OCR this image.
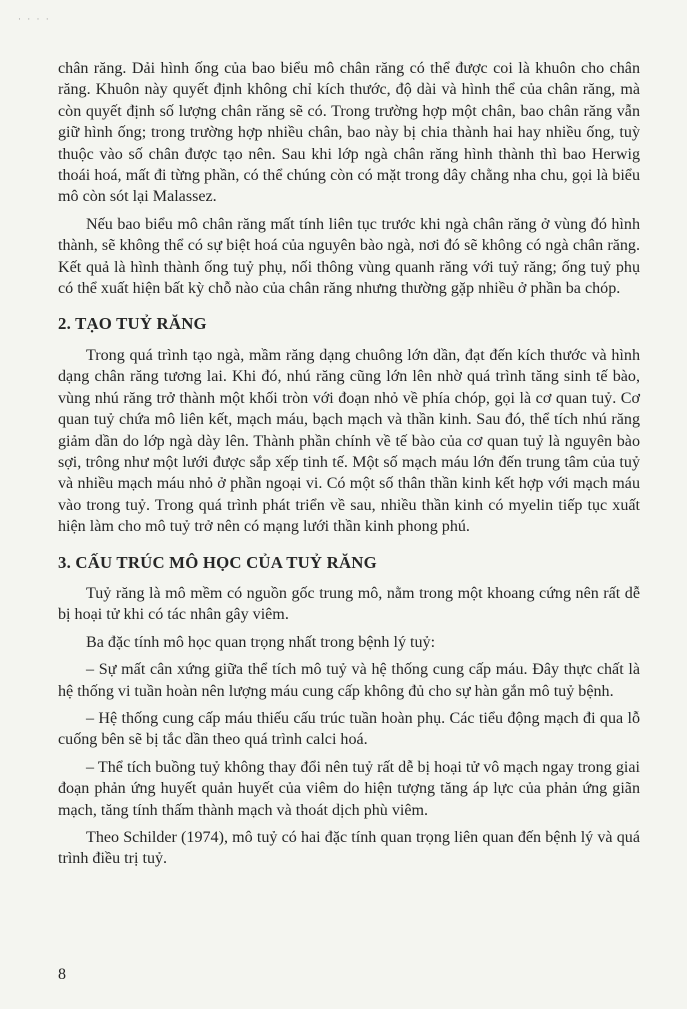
· · · ·

chân răng. Dải hình ống của bao biểu mô chân răng có thể được coi là khuôn cho chân răng. Khuôn này quyết định không chỉ kích thước, độ dài và hình thể của chân răng, mà còn quyết định số lượng chân răng sẽ có. Trong trường hợp một chân, bao chân răng vẫn giữ hình ống; trong trường hợp nhiều chân, bao này bị chia thành hai hay nhiều ống, tuỳ thuộc vào số chân được tạo nên. Sau khi lớp ngà chân răng hình thành thì bao Herwig thoái hoá, mất đi từng phần, có thể chúng còn có mặt trong dây chằng nha chu, gọi là biểu mô còn sót lại Malassez.

Nếu bao biểu mô chân răng mất tính liên tục trước khi ngà chân răng ở vùng đó hình thành, sẽ không thể có sự biệt hoá của nguyên bào ngà, nơi đó sẽ không có ngà chân răng. Kết quả là hình thành ống tuỷ phụ, nối thông vùng quanh răng với tuỷ răng; ống tuỷ phụ có thể xuất hiện bất kỳ chỗ nào của chân răng nhưng thường gặp nhiều ở phần ba chóp.

2. TẠO TUỶ RĂNG

Trong quá trình tạo ngà, mầm răng dạng chuông lớn dần, đạt đến kích thước và hình dạng chân răng tương lai. Khi đó, nhú răng cũng lớn lên nhờ quá trình tăng sinh tế bào, vùng nhú răng trở thành một khối tròn với đoạn nhỏ về phía chóp, gọi là cơ quan tuỷ. Cơ quan tuỷ chứa mô liên kết, mạch máu, bạch mạch và thần kinh. Sau đó, thể tích nhú răng giảm dần do lớp ngà dày lên. Thành phần chính về tế bào của cơ quan tuỷ là nguyên bào sợi, trông như một lưới được sắp xếp tinh tế. Một số mạch máu lớn đến trung tâm của tuỷ và nhiều mạch máu nhỏ ở phần ngoại vi. Có một số thân thần kinh kết hợp với mạch máu vào trong tuỷ. Trong quá trình phát triển về sau, nhiều thần kinh có myelin tiếp tục xuất hiện làm cho mô tuỷ trở nên có mạng lưới thần kinh phong phú.

3. CẤU TRÚC MÔ HỌC CỦA TUỶ RĂNG

Tuỷ răng là mô mềm có nguồn gốc trung mô, nằm trong một khoang cứng nên rất dễ bị hoại tử khi có tác nhân gây viêm.

Ba đặc tính mô học quan trọng nhất trong bệnh lý tuỷ:

– Sự mất cân xứng giữa thể tích mô tuỷ và hệ thống cung cấp máu. Đây thực chất là hệ thống vi tuần hoàn nên lượng máu cung cấp không đủ cho sự hàn gắn mô tuỷ bệnh.

– Hệ thống cung cấp máu thiếu cấu trúc tuần hoàn phụ. Các tiểu động mạch đi qua lỗ cuống bên sẽ bị tắc dần theo quá trình calci hoá.

– Thể tích buồng tuỷ không thay đổi nên tuỷ rất dễ bị hoại tử vô mạch ngay trong giai đoạn phản ứng huyết quản huyết của viêm do hiện tượng tăng áp lực của phản ứng giãn mạch, tăng tính thấm thành mạch và thoát dịch phù viêm.

Theo Schilder (1974), mô tuỷ có hai đặc tính quan trọng liên quan đến bệnh lý và quá trình điều trị tuỷ.

8
